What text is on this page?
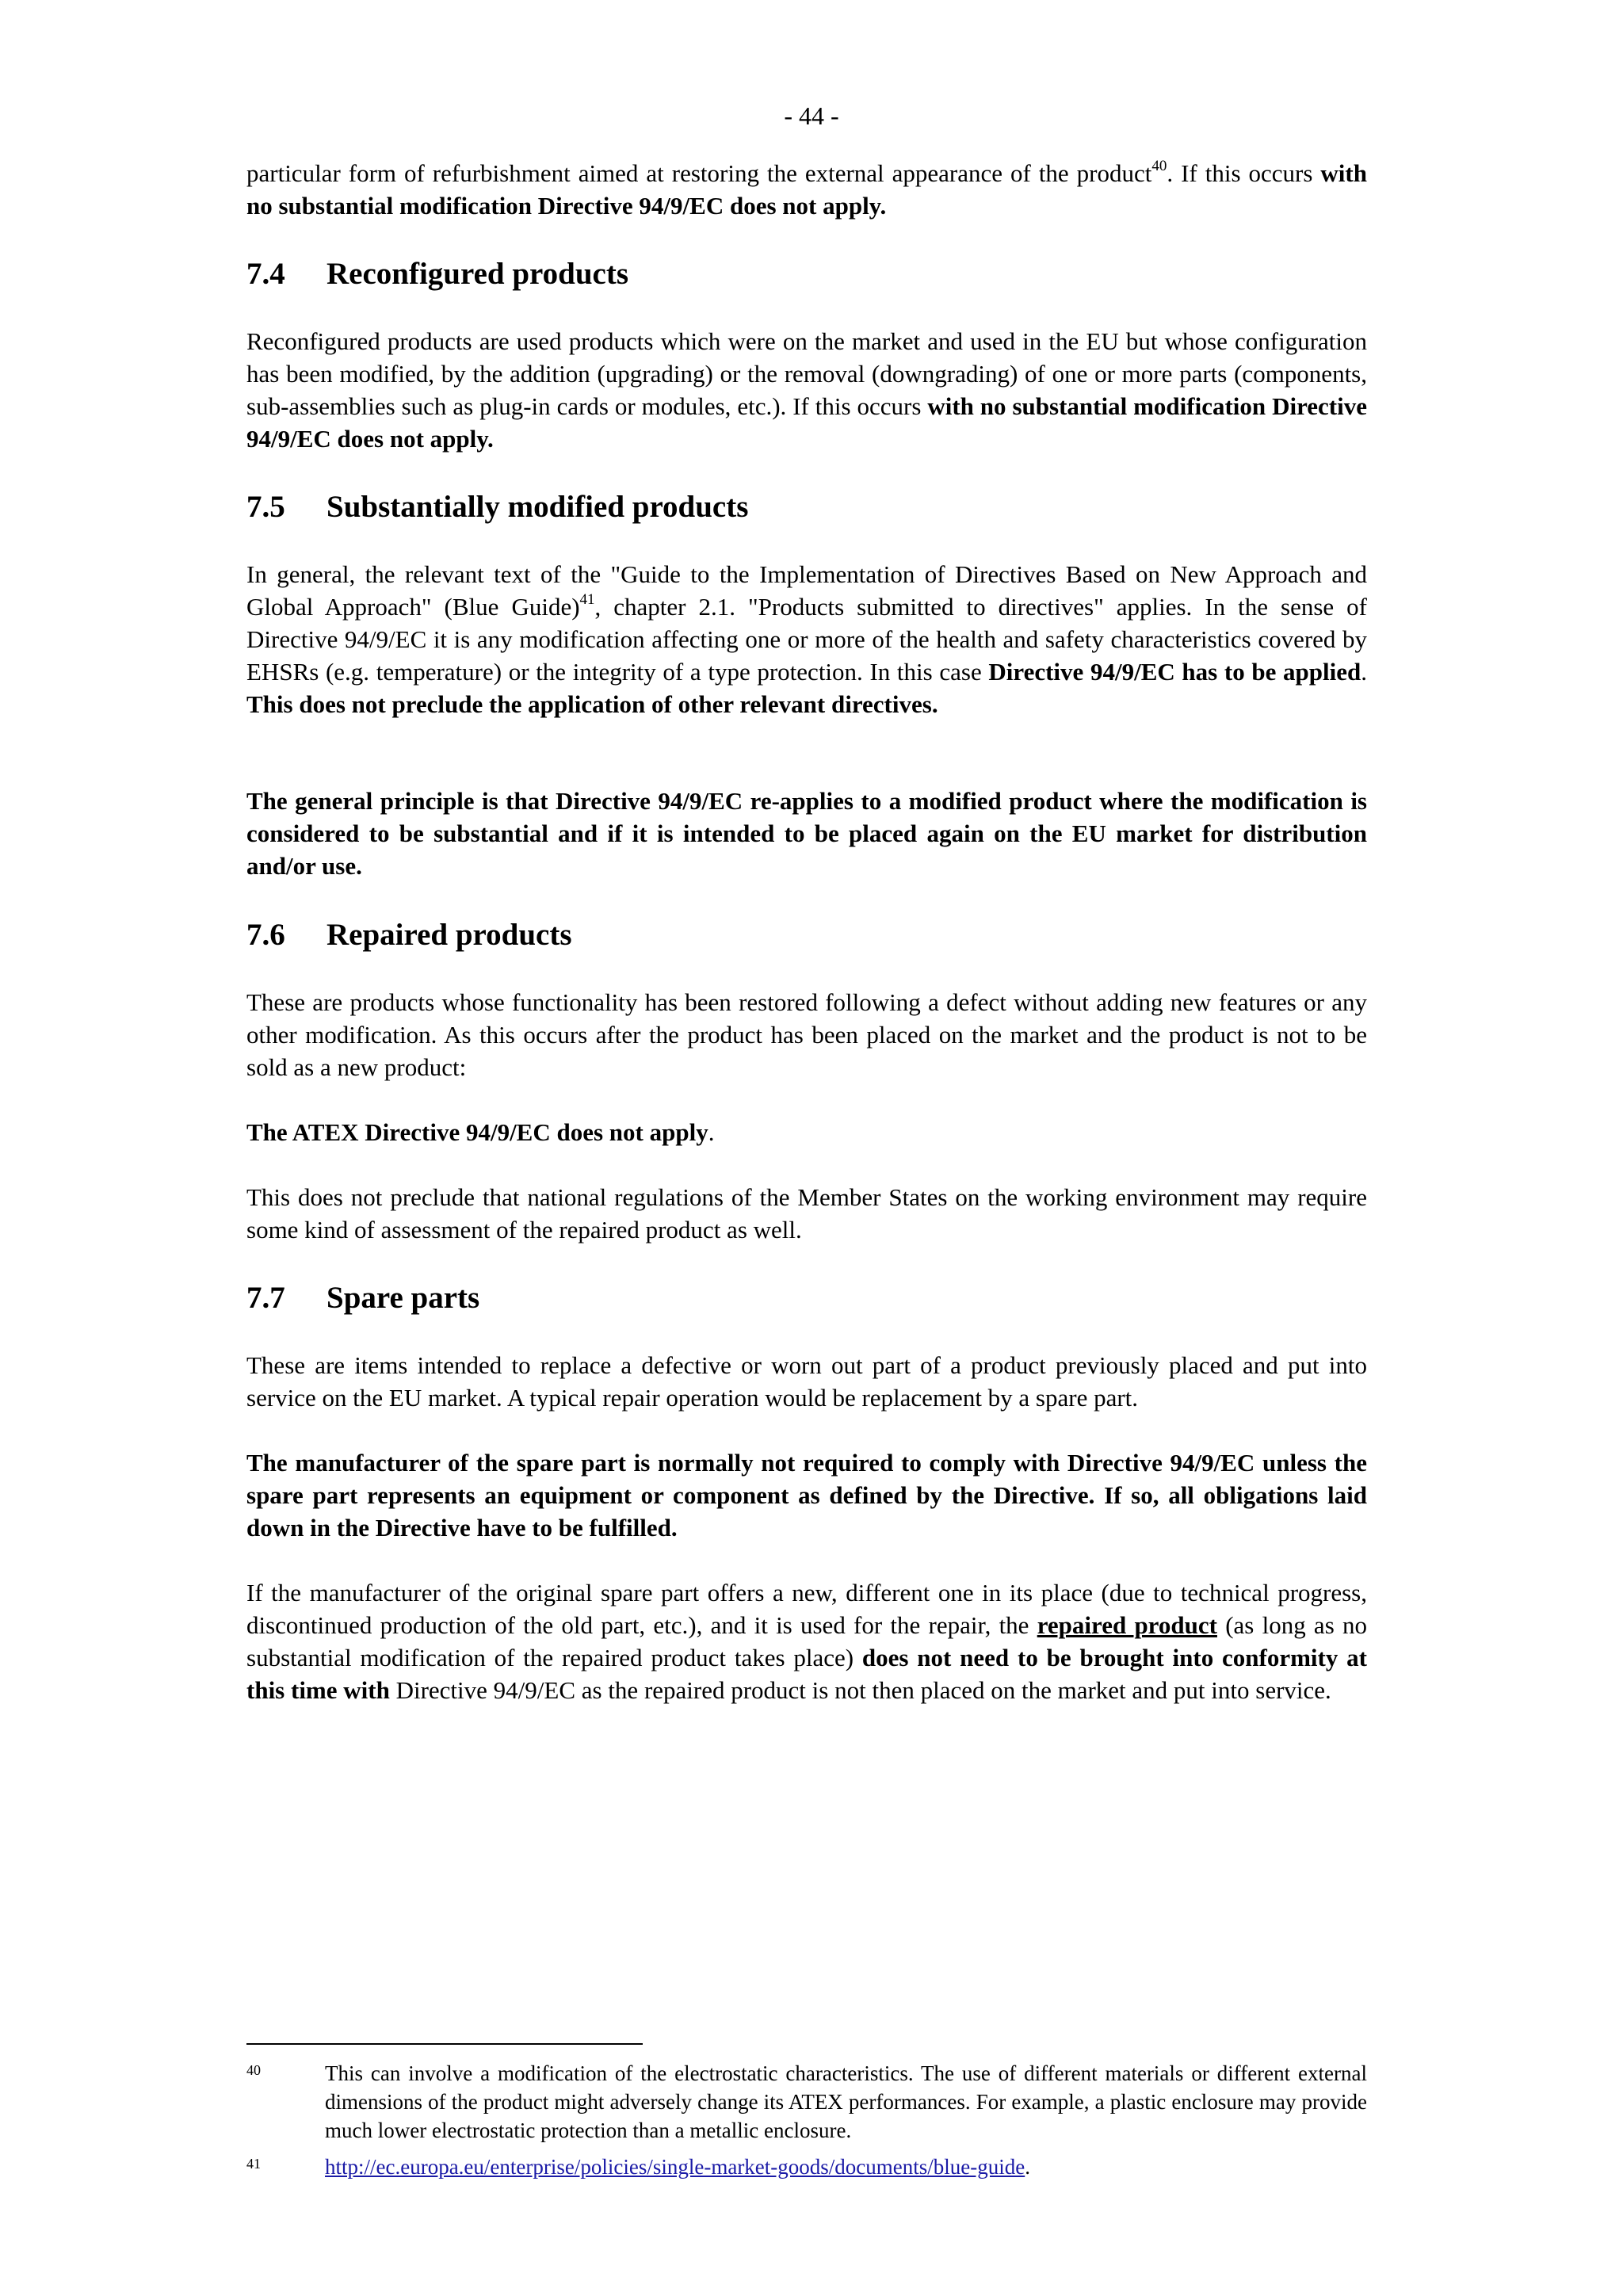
- 44 -

particular form of refurbishment aimed at restoring the external appearance of the product$^{40}$. If this occurs with no substantial modification Directive 94/9/EC does not apply.

7.4 Reconfigured products

Reconfigured products are used products which were on the market and used in the EU but whose configuration has been modified, by the addition (upgrading) or the removal (downgrading) of one or more parts (components, sub-assemblies such as plug-in cards or modules, etc.). If this occurs with no substantial modification Directive 94/9/EC does not apply.

7.5 Substantially modified products

In general, the relevant text of the "Guide to the Implementation of Directives Based on New Approach and Global Approach" (Blue Guide)$^{41}$, chapter 2.1. "Products submitted to directives" applies. In the sense of Directive 94/9/EC it is any modification affecting one or more of the health and safety characteristics covered by EHSRs (e.g. temperature) or the integrity of a type protection. In this case Directive 94/9/EC has to be applied. This does not preclude the application of other relevant directives.

The general principle is that Directive 94/9/EC re-applies to a modified product where the modification is considered to be substantial and if it is intended to be placed again on the EU market for distribution and/or use.

7.6 Repaired products

These are products whose functionality has been restored following a defect without adding new features or any other modification. As this occurs after the product has been placed on the market and the product is not to be sold as a new product:

The ATEX Directive 94/9/EC does not apply.

This does not preclude that national regulations of the Member States on the working environment may require some kind of assessment of the repaired product as well.

7.7 Spare parts

These are items intended to replace a defective or worn out part of a product previously placed and put into service on the EU market. A typical repair operation would be replacement by a spare part.

The manufacturer of the spare part is normally not required to comply with Directive 94/9/EC unless the spare part represents an equipment or component as defined by the Directive. If so, all obligations laid down in the Directive have to be fulfilled.

If the manufacturer of the original spare part offers a new, different one in its place (due to technical progress, discontinued production of the old part, etc.), and it is used for the repair, the repaired product (as long as no substantial modification of the repaired product takes place) does not need to be brought into conformity at this time with Directive 94/9/EC as the repaired product is not then placed on the market and put into service.

40	This can involve a modification of the electrostatic characteristics. The use of different materials or different external dimensions of the product might adversely change its ATEX performances. For example, a plastic enclosure may provide much lower electrostatic protection than a metallic enclosure.
41	http://ec.europa.eu/enterprise/policies/single-market-goods/documents/blue-guide.
